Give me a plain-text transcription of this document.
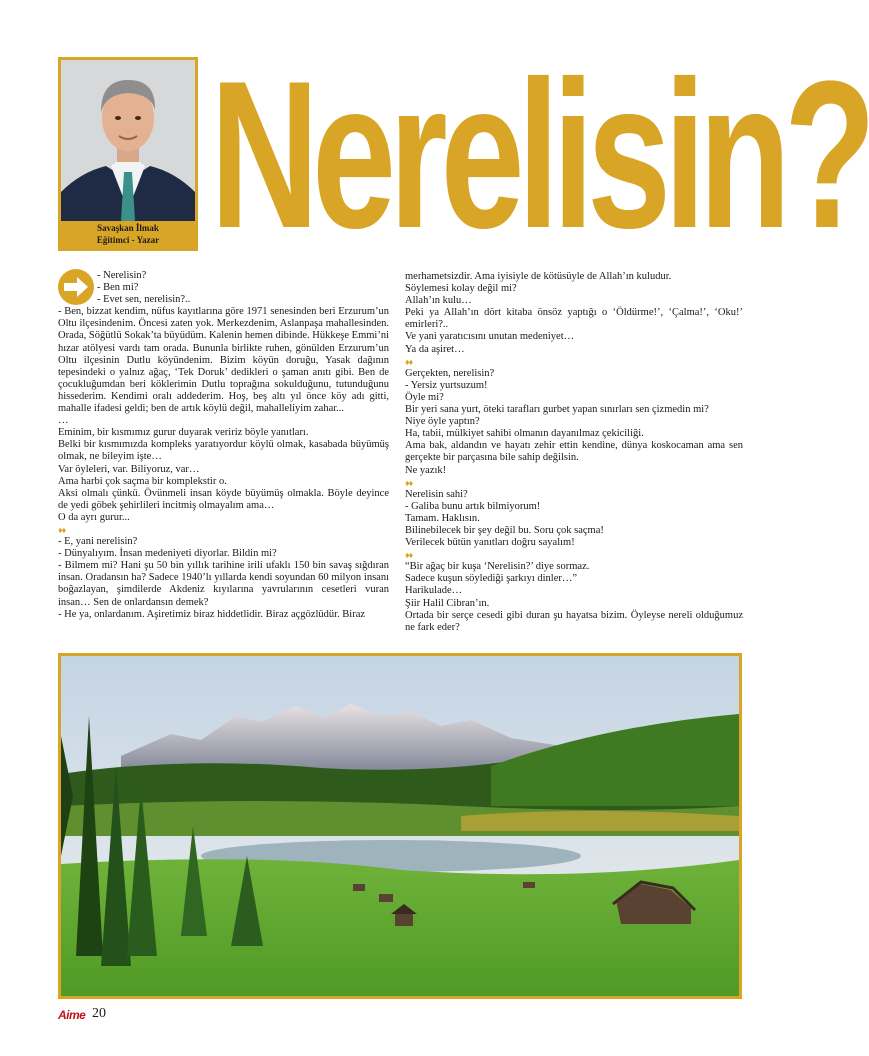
Savaşkan İlmak
Eğitimci - Yazar Nerelisin?

- Nerelisin?

- Ben mi?

- Evet sen, nerelisin?..

- Ben, bizzat kendim, nüfus kayıtlarına göre 1971 senesinden beri Erzurum’un Oltu ilçesindenim. Öncesi zaten yok. Merkezdenim, Aslanpaşa mahallesinden. Orada, Söğütlü Sokak’ta büyüdüm. Kalenin hemen dibinde. Hükkeşe Emmi’ni hızar atölyesi vardı tam orada. Bununla birlikte ruhen, gönülden Erzurum’un Oltu ilçesinin Dutlu köyündenim. Bizim köyün doruğu, Yasak dağının tepesindeki o yalnız ağaç, ‘Tek Doruk’ dedikleri o şaman anıtı gibi. Ben de çocukluğumdan beri köklerimin Dutlu toprağına sokulduğunu, tutunduğunu hissederim. Kendimi oralı addederim. Hoş, beş altı yıl önce köy adı gitti, mahalle ifadesi geldi; ben de artık köylü değil, mahalleliyim zahar...

…

Eminim, bir kısmımız gurur duyarak veririz böyle yanıtları.

Belki bir kısmımızda kompleks yaratıyordur köylü olmak, kasabada büyümüş olmak, ne bileyim işte…

Var öyleleri, var. Biliyoruz, var…

Ama harbi çok saçma bir komplekstir o.

Aksi olmalı çünkü. Övünmeli insan köyde büyümüş olmakla. Böyle deyince de yedi göbek şehirlileri incitmiş olmayalım ama…

O da ayrı gurur...

♦♦

- E, yani nerelisin?

- Dünyalıyım. İnsan medeniyeti diyorlar. Bildin mi?

- Bilmem mi? Hani şu 50 bin yıllık tarihine irili ufaklı 150 bin savaş sığdıran insan. Oradansın ha? Sadece 1940’lı yıllarda kendi soyundan 60 milyon insanı boğazlayan, şimdilerde Akdeniz kıyılarına yavrularının cesetleri vuran insan… Sen de onlardansın demek?

- He ya, onlardanım. Aşiretimiz biraz hiddetlidir. Biraz açgözlüdür. Biraz

merhametsizdir. Ama iyisiyle de kötüsüyle de Allah’ın kuludur.

Söylemesi kolay değil mi?

Allah’ın kulu…

Peki ya Allah’ın dört kitaba önsöz yaptığı o ‘Öldürme!’, ‘Çalma!’, ‘Oku!’ emirleri?..

Ve yani yaratıcısını unutan medeniyet…

Ya da aşiret…

♦♦

Gerçekten, nerelisin?

- Yersiz yurtsuzum!

Öyle mi?

Bir yeri sana yurt, öteki tarafları gurbet yapan sınırları sen çizmedin mi?

Niye öyle yaptın?

Ha, tabii, mülkiyet sahibi olmanın dayanılmaz çekiciliği.

Ama bak, aldandın ve hayatı zehir ettin kendine, dünya koskocaman ama sen gerçekte bir parçasına bile sahip değilsin.

Ne yazık!

♦♦

Nerelisin sahi?

- Galiba bunu artık bilmiyorum!

Tamam. Haklısın.

Bilinebilecek bir şey değil bu. Soru çok saçma!

Verilecek bütün yanıtları doğru sayalım!

♦♦

“Bir ağaç bir kuşa ‘Nerelisin?’ diye sormaz.

Sadece kuşun söylediği şarkıyı dinler…”

Harikulade…

Şiir Halil Cibran’ın.

Ortada bir serçe cesedi gibi duran şu hayatsa bizim. Öyleyse nereli olduğumuz ne fark eder?

Aime 20
